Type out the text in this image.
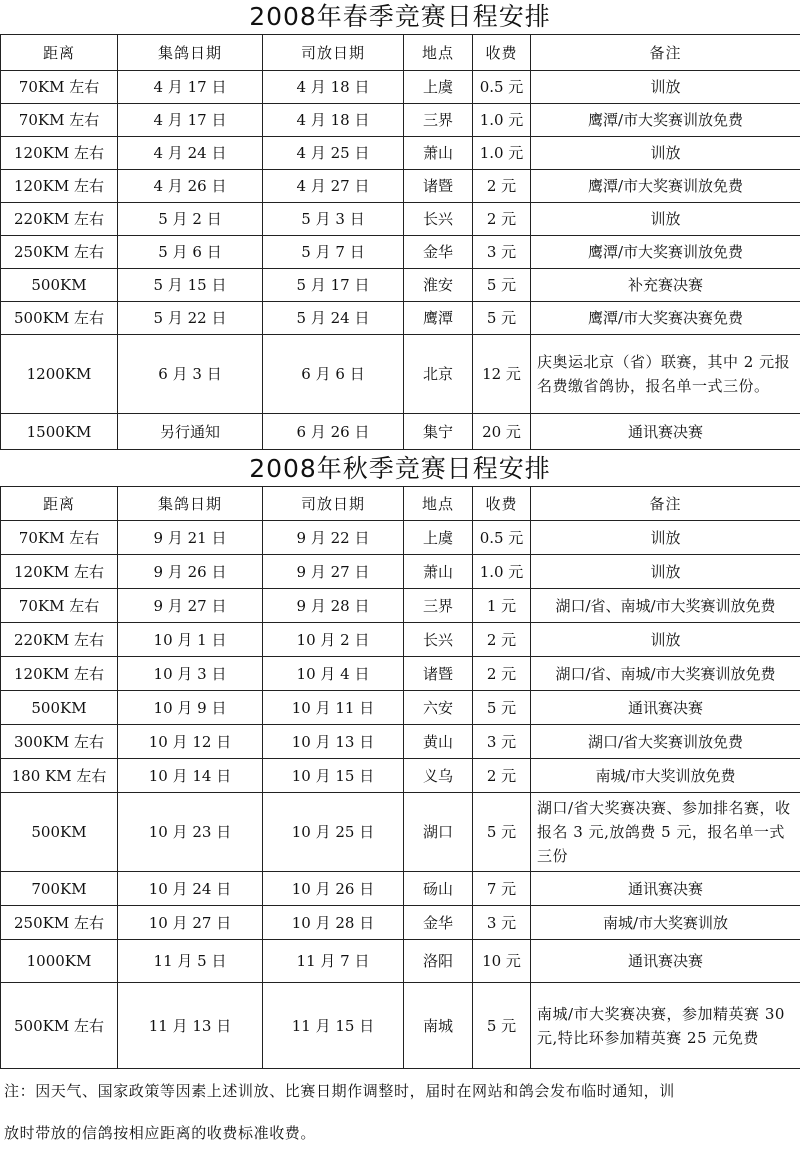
2008年春季竞赛日程安排
距离	集鸽日期	司放日期	地点	收费	备注
70KM 左右	4 月 17 日	4 月 18 日	上虞	0.5 元	训放
70KM 左右	4 月 17 日	4 月 18 日	三界	1.0 元	鹰潭/市大奖赛训放免费
120KM 左右	4 月 24 日	4 月 25 日	萧山	1.0 元	训放
120KM 左右	4 月 26 日	4 月 27 日	诸暨	2 元	鹰潭/市大奖赛训放免费
220KM 左右	5 月 2 日	5 月 3 日	长兴	2 元	训放
250KM 左右	5 月 6 日	5 月 7 日	金华	3 元	鹰潭/市大奖赛训放免费
500KM	5 月 15 日	5 月 17 日	淮安	5 元	补充赛决赛
500KM 左右	5 月 22 日	5 月 24 日	鹰潭	5 元	鹰潭/市大奖赛决赛免费
1200KM	6 月 3 日	6 月 6 日	北京	12 元	庆奥运北京（省）联赛，其中 2 元报名费缴省鸽协，报名单一式三份。
1500KM	另行通知	6 月 26 日	集宁	20 元	通讯赛决赛
2008年秋季竞赛日程安排
距离	集鸽日期	司放日期	地点	收费	备注
70KM 左右	9 月 21 日	9 月 22 日	上虞	0.5 元	训放
120KM 左右	9 月 26 日	9 月 27 日	萧山	1.0 元	训放
70KM 左右	9 月 27 日	9 月 28 日	三界	1 元	湖口/省、南城/市大奖赛训放免费
220KM 左右	10 月 1 日	10 月 2 日	长兴	2 元	训放
120KM 左右	10 月 3 日	10 月 4 日	诸暨	2 元	湖口/省、南城/市大奖赛训放免费
500KM	10 月 9 日	10 月 11 日	六安	5 元	通讯赛决赛
300KM 左右	10 月 12 日	10 月 13 日	黄山	3 元	湖口/省大奖赛训放免费
180 KM 左右	10 月 14 日	10 月 15 日	义乌	2 元	南城/市大奖训放免费
500KM	10 月 23 日	10 月 25 日	湖口	5 元	湖口/省大奖赛决赛、参加排名赛，收报名 3 元,放鸽费 5 元，报名单一式三份
700KM	10 月 24 日	10 月 26 日	砀山	7 元	通讯赛决赛
250KM 左右	10 月 27 日	10 月 28 日	金华	3 元	南城/市大奖赛训放
1000KM	11 月 5 日	11 月 7 日	洛阳	10 元	通讯赛决赛
500KM 左右	11 月 13 日	11 月 15 日	南城	5 元	南城/市大奖赛决赛，参加精英赛 30 元,特比环参加精英赛 25 元免费
注：因天气、国家政策等因素上述训放、比赛日期作调整时，届时在网站和鸽会发布临时通知，训
放时带放的信鸽按相应距离的收费标准收费。
